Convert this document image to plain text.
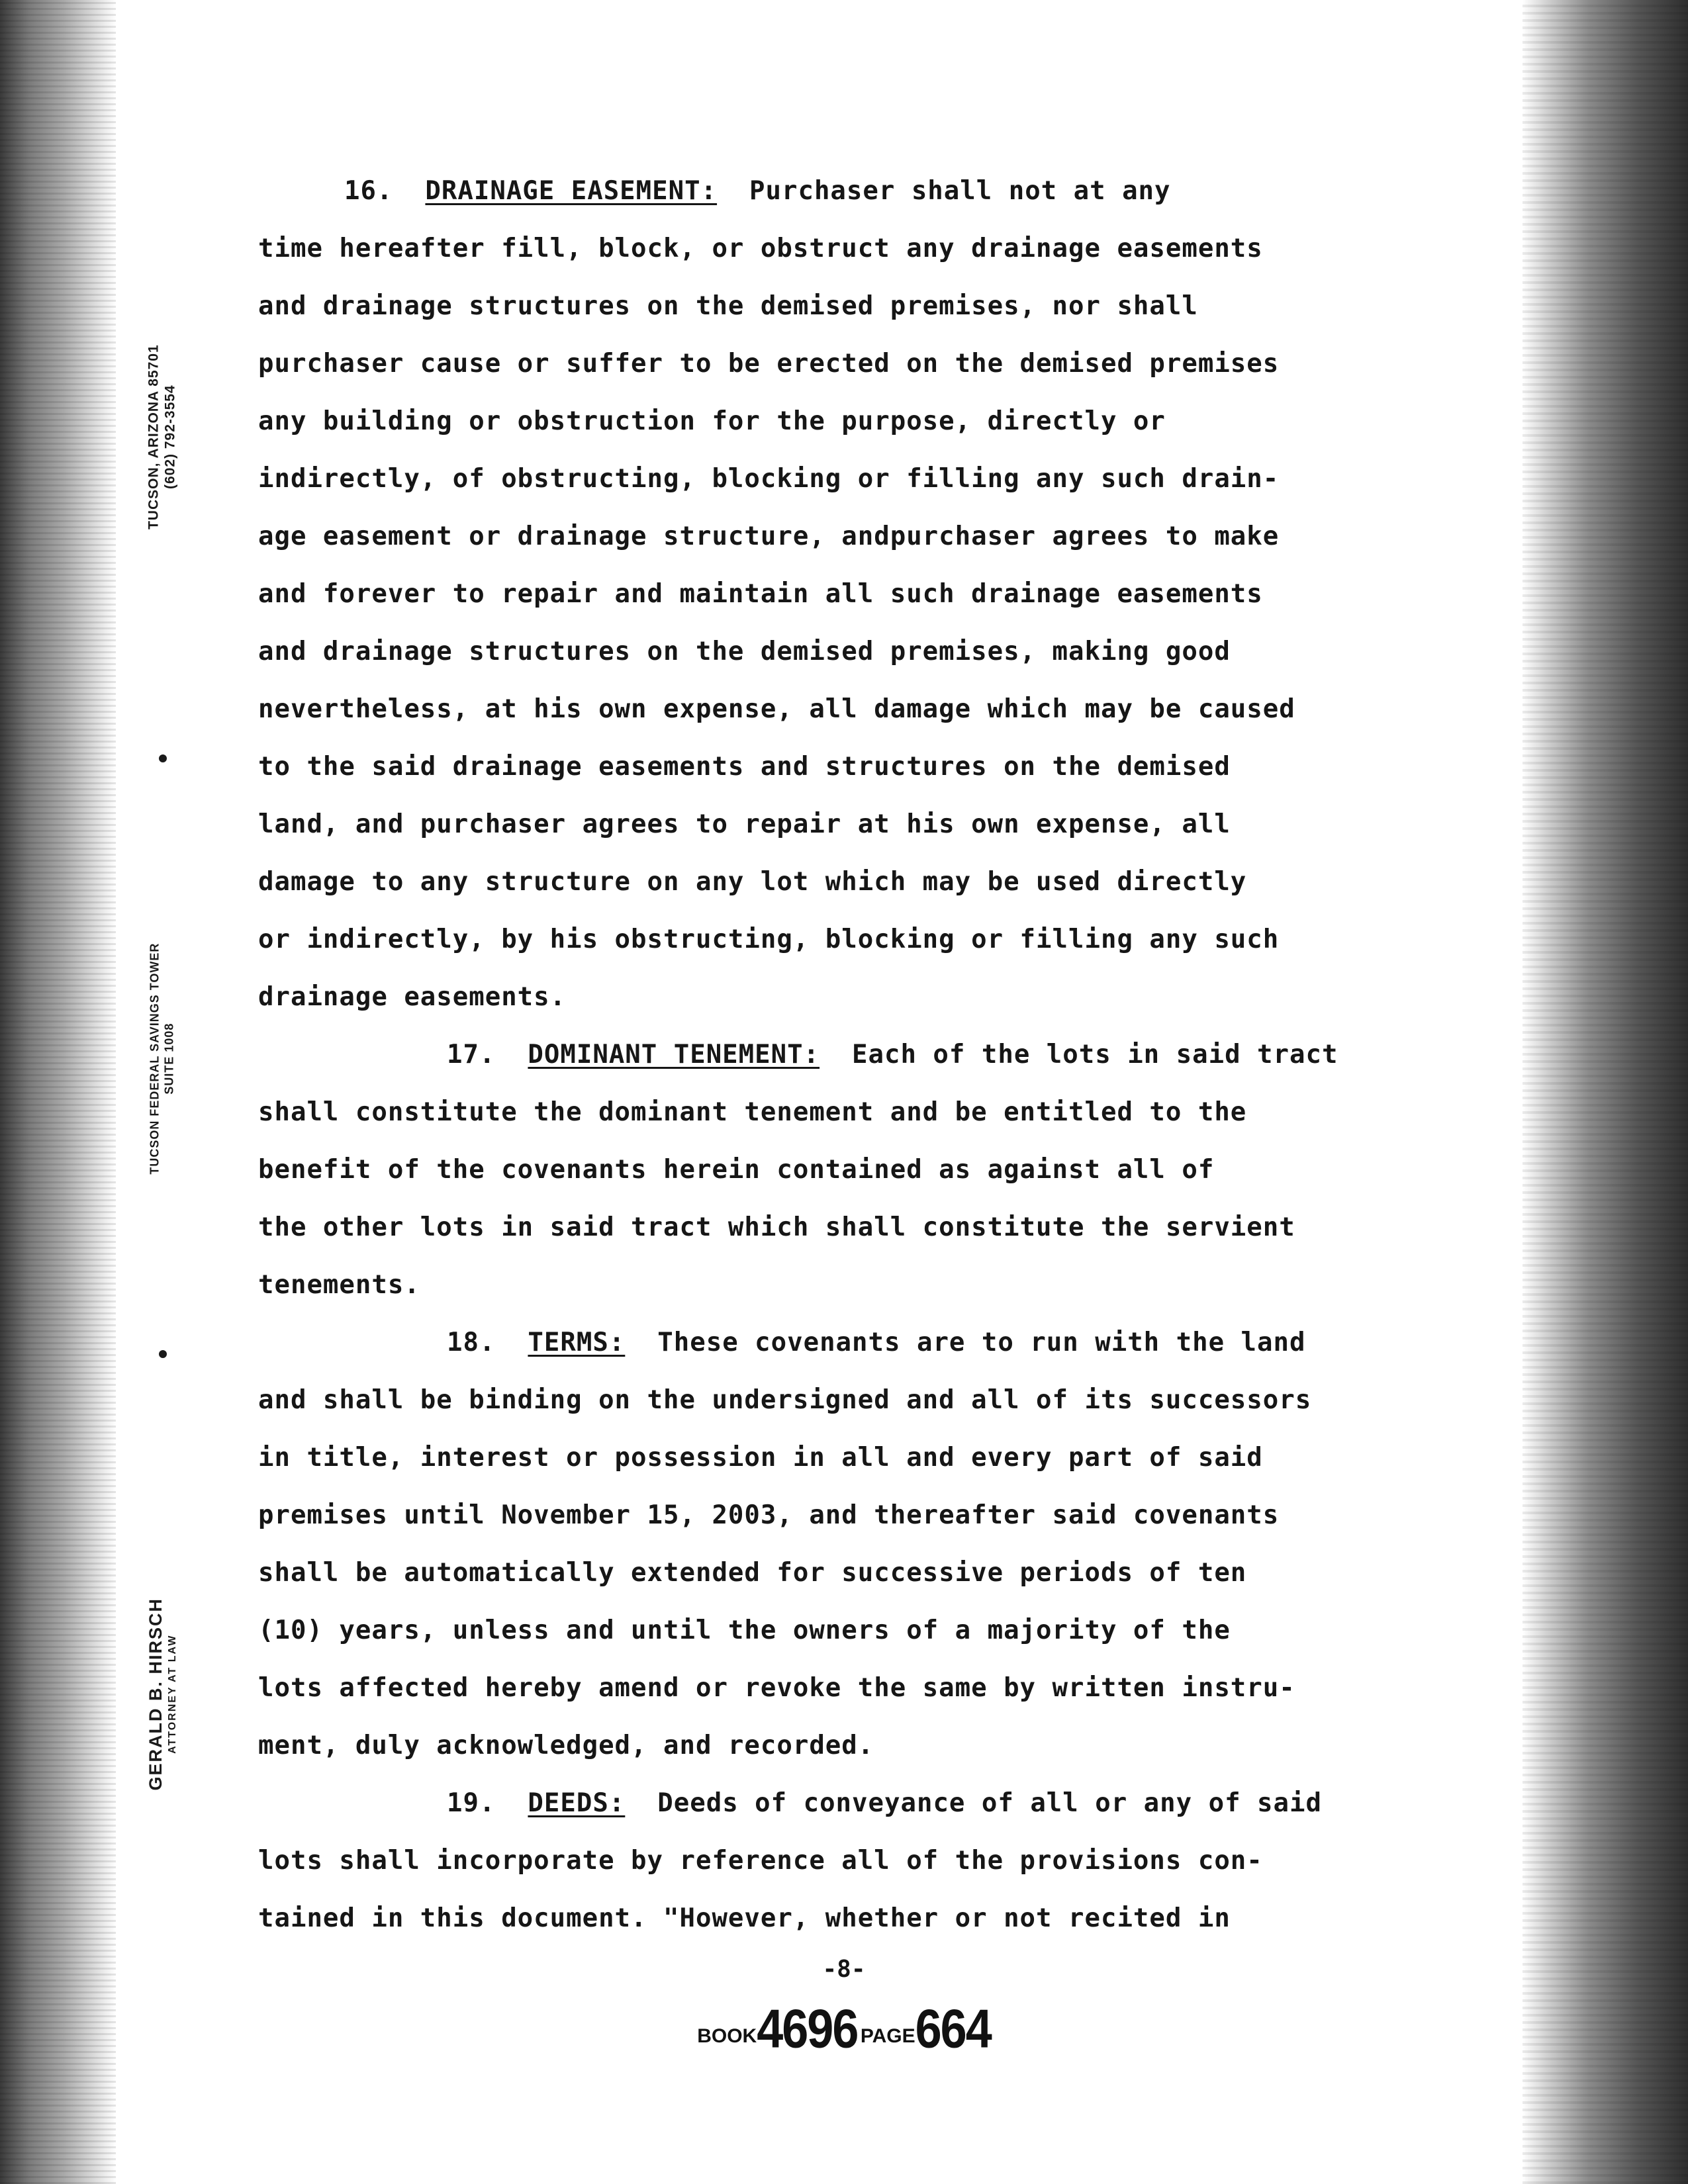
TUCSON, ARIZONA 85701 (602) 792-3554
TUCSON FEDERAL SAVINGS TOWER SUITE 1008
GERALD B. HIRSCH ATTORNEY AT LAW
16. DRAINAGE EASEMENT: Purchaser shall not at any
time hereafter fill, block, or obstruct any drainage easements
and drainage structures on the demised premises, nor shall
purchaser cause or suffer to be erected on the demised premises
any building or obstruction for the purpose, directly or
indirectly, of obstructing, blocking or filling any such drain-
age easement or drainage structure, andpurchaser agrees to make
and forever to repair and maintain all such drainage easements
and drainage structures on the demised premises, making good
nevertheless, at his own expense, all damage which may be caused
to the said drainage easements and structures on the demised
land, and purchaser agrees to repair at his own expense, all
damage to any structure on any lot which may be used directly
or indirectly, by his obstructing, blocking or filling any such
drainage easements.
17. DOMINANT TENEMENT: Each of the lots in said tract
shall constitute the dominant tenement and be entitled to the
benefit of the covenants herein contained as against all of
the other lots in said tract which shall constitute the servient
tenements.
18. TERMS: These covenants are to run with the land
and shall be binding on the undersigned and all of its successors
in title, interest or possession in all and every part of said
premises until November 15, 2003, and thereafter said covenants
shall be automatically extended for successive periods of ten
(10) years, unless and until the owners of a majority of the
lots affected hereby amend or revoke the same by written instru-
ment, duly acknowledged, and recorded.
19. DEEDS: Deeds of conveyance of all or any of said
lots shall incorporate by reference all of the provisions con-
tained in this document. "However, whether or not recited in
-8-
BOOK4696 PAGE664
